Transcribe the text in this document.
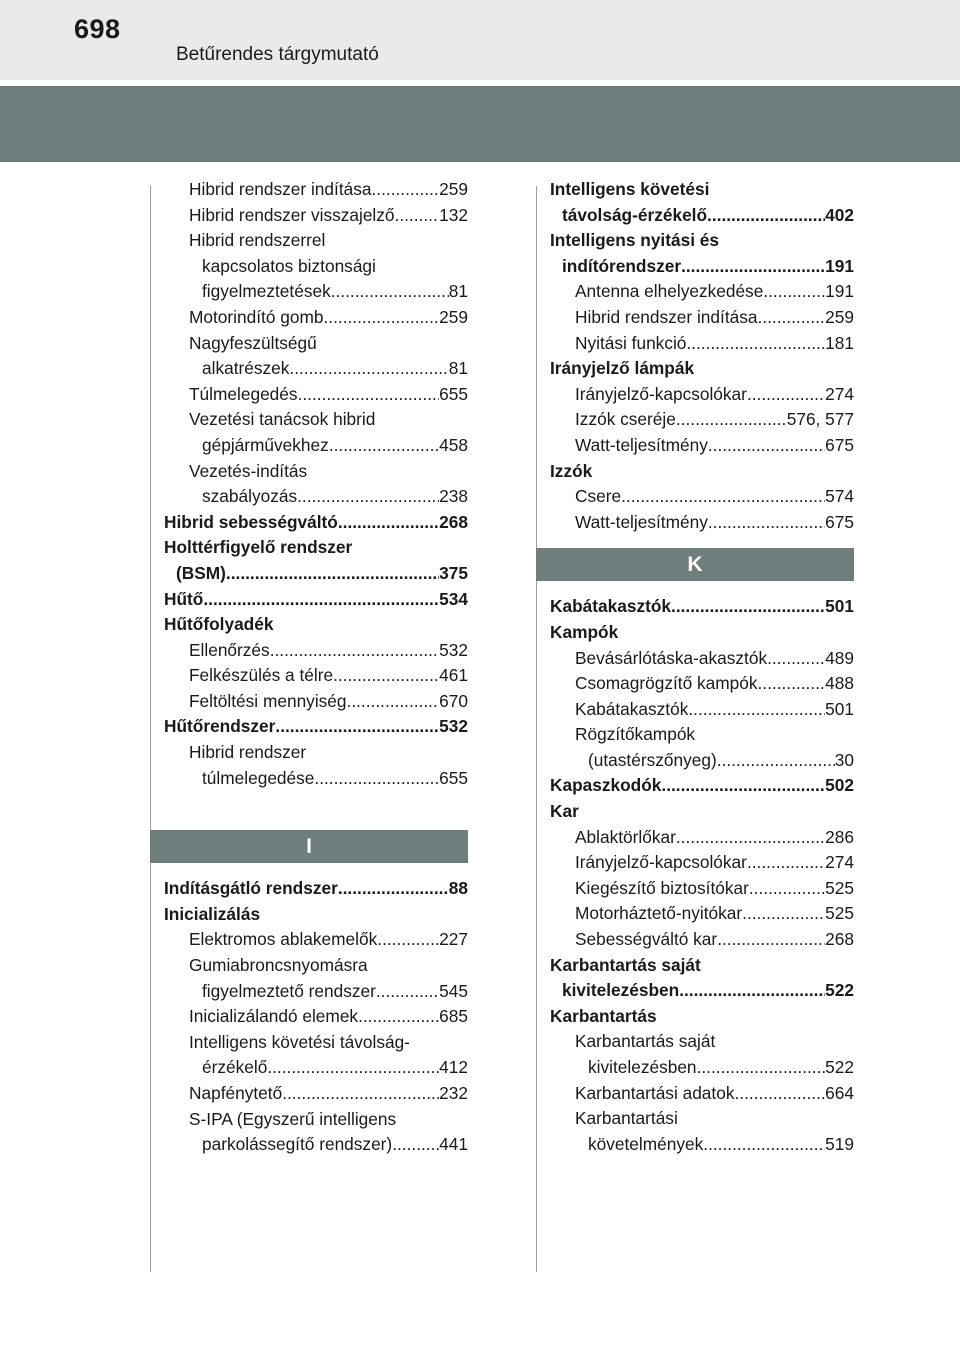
698
Betűrendes tárgymutató
Hibrid rendszer indítása .....	259
Hibrid rendszer visszajelző .....	132
Hibrid rendszerrel
kapcsolatos biztonsági
figyelmeztetések .....	81
Motorindító gomb .....	259
Nagyfeszültségű
alkatrészek .....	81
Túlmelegedés .....	655
Vezetési tanácsok hibrid
gépjárművekhez .....	458
Vezetés-indítás
szabályozás .....	238
Hibrid sebességváltó .....	268
Holttérfigyelő rendszer
(BSM) .....	375
Hűtő .....	534
Hűtőfolyadék
Ellenőrzés .....	532
Felkészülés a télre .....	461
Feltöltési mennyiség .....	670
Hűtőrendszer .....	532
Hibrid rendszer
túlmelegedése .....	655
I
Indításgátló rendszer .....	88
Inicializálás
Elektromos ablakemelők .....	227
Gumiabroncsnyomásra
figyelmeztető rendszer .....	545
Inicializálandó elemek .....	685
Intelligens követési távolság-
érzékelő .....	412
Napfénytető .....	232
S-IPA (Egyszerű intelligens
parkolássegítő rendszer) .....	441
Intelligens követési
távolság-érzékelő .....	402
Intelligens nyitási és
indítórendszer .....	191
Antenna elhelyezkedése .....	191
Hibrid rendszer indítása .....	259
Nyitási funkció .....	181
Irányjelző lámpák
Irányjelző-kapcsolókar .....	274
Izzók cseréje .....	576, 577
Watt-teljesítmény .....	675
Izzók
Csere .....	574
Watt-teljesítmény .....	675
K
Kabátakasztók .....	501
Kampók
Bevásárlótáska-akasztók .....	489
Csomagrögzítő kampók .....	488
Kabátakasztók .....	501
Rögzítőkampók
(utastérszőnyeg) .....	30
Kapaszkodók .....	502
Kar
Ablaktörlőkar .....	286
Irányjelző-kapcsolókar .....	274
Kiegészítő biztosítókar .....	525
Motorháztető-nyitókar .....	525
Sebességváltó kar .....	268
Karbantartás saját
kivitelezésben .....	522
Karbantartás
Karbantartás saját
kivitelezésben .....	522
Karbantartási adatok .....	664
Karbantartási
követelmények .....	519
